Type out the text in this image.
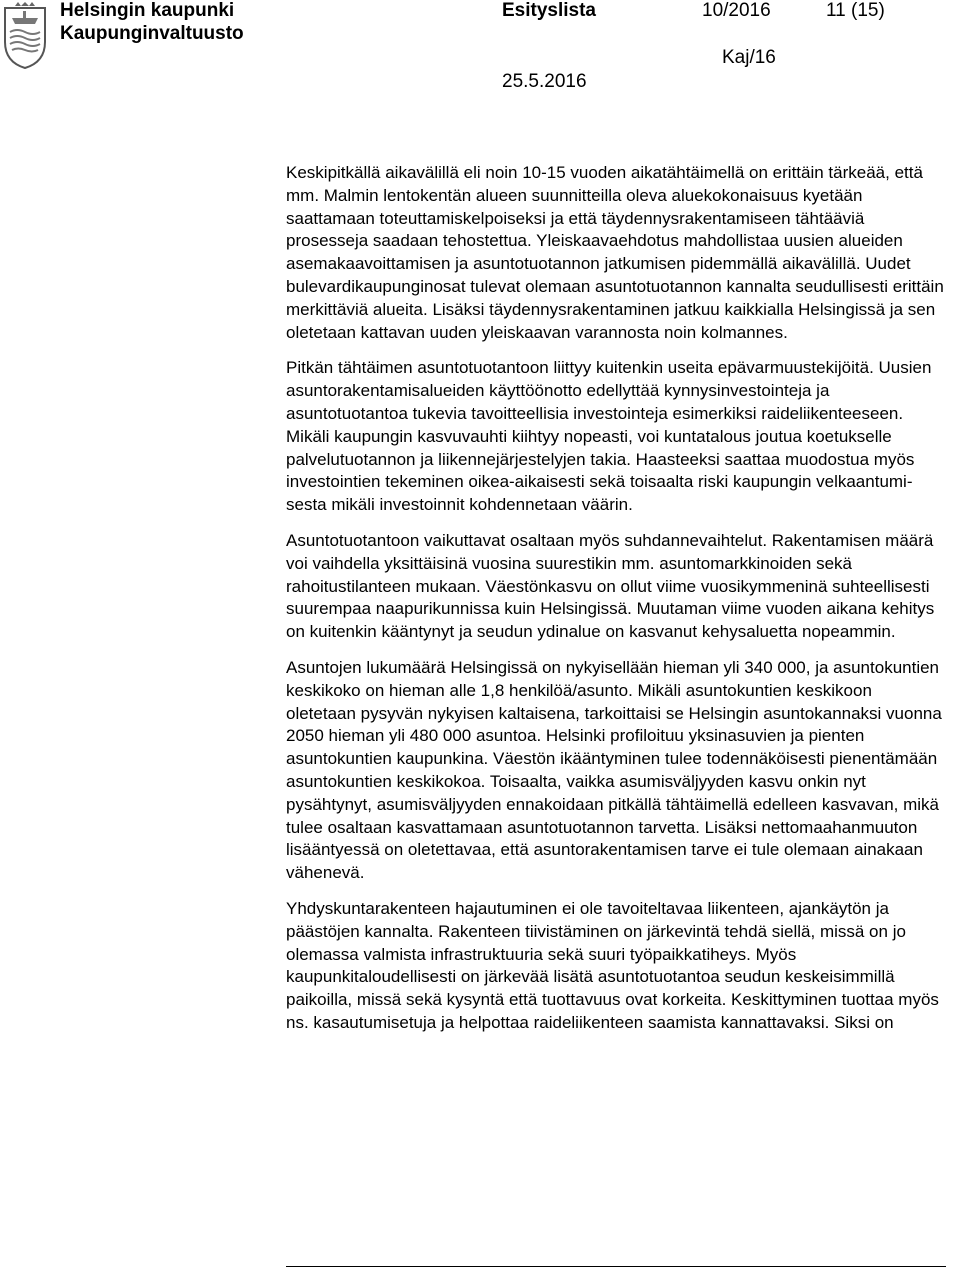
Helsingin kaupunki
Kaupunginvaltuusto
Esityslista	10/2016	11 (15)
Kaj/16
25.5.2016

Keskipitkällä aikavälillä eli noin 10-15 vuoden aikatähtäimellä on erittäin tärkeää, että mm. Malmin lentokentän alueen suunnitteilla oleva aluekokonaisuus kyetään saattamaan toteuttamiskelpoiseksi ja että täydennysrakentamiseen tähtääviä prosesseja saadaan tehostettua. Yleiskaavaehdotus mahdollistaa uusien alueiden asemakaavoittamisen ja asuntotuotannon jatkumisen pidemmällä aikavälillä. Uudet bulevardikaupunginosat tulevat olemaan asuntotuotannon kannalta seudullisesti erittäin merkittäviä alueita. Lisäksi täydennysrakentaminen jatkuu kaikkialla Helsingissä ja sen oletetaan kattavan uuden yleiskaavan varannosta noin kolmannes.

Pitkän tähtäimen asuntotuotantoon liittyy kuitenkin useita epävarmuustekijöitä. Uusien asuntorakentamisalueiden käyttöönotto edellyttää kynnysinvestointeja ja asuntotuotantoa tukevia tavoitteellisia investointeja esimerkiksi raideliikenteeseen. Mikäli kaupungin kasvuvauhti kiihtyy nopeasti, voi kuntatalous joutua koetukselle palvelutuotannon ja liikennejärjestelyjen takia. Haasteeksi saattaa muodostua myös investointien tekeminen oikea-aikaisesti sekä toisaalta riski kaupungin velkaantumisesta mikäli investoinnit kohdennetaan väärin.

Asuntotuotantoon vaikuttavat osaltaan myös suhdannevaihtelut. Rakentamisen määrä voi vaihdella yksittäisinä vuosina suurestikin mm. asuntomarkkinoiden sekä rahoitustilanteen mukaan. Väestönkasvu on ollut viime vuosikymmeninä suhteellisesti suurempaa naapurikunnissa kuin Helsingissä. Muutaman viime vuoden aikana kehitys on kuitenkin kääntynyt ja seudun ydinalue on kasvanut kehysaluetta nopeammin.

Asuntojen lukumäärä Helsingissä on nykyisellään hieman yli 340 000, ja asuntokuntien keskikoko on hieman alle 1,8 henkilöä/asunto. Mikäli asuntokuntien keskikoon oletetaan pysyvän nykyisen kaltaisena, tarkoittaisi se Helsingin asuntokannaksi vuonna 2050 hieman yli 480 000 asuntoa. Helsinki profiloituu yksinasuvien ja pienten asuntokuntien kaupunkina. Väestön ikääntyminen tulee todennäköisesti pienentämään asuntokuntien keskikokoa. Toisaalta, vaikka asumisväljyyden kasvu onkin nyt pysähtynyt, asumisväljyyden ennakoidaan pitkällä tähtäimellä edelleen kasvavan, mikä tulee osaltaan kasvattamaan asuntotuotannon tarvetta. Lisäksi nettomaahanmuuton lisääntyessä on oletettavaa, että asuntorakentamisen tarve ei tule olemaan ainakaan vähenevä.

Yhdyskuntarakenteen hajautuminen ei ole tavoiteltavaa liikenteen, ajankäytön ja päästöjen kannalta. Rakenteen tiivistäminen on järkevintä tehdä siellä, missä on jo olemassa valmista infrastruktuuria sekä suuri työpaikkatiheys. Myös kaupunkitaloudellisesti on järkevää lisätä asuntotuotantoa seudun keskeisimmillä paikoilla, missä sekä kysyntä että tuottavuus ovat korkeita. Keskittyminen tuottaa myös ns. kasautumisetuja ja helpottaa raideliikenteen saamista kannattavaksi. Siksi on
